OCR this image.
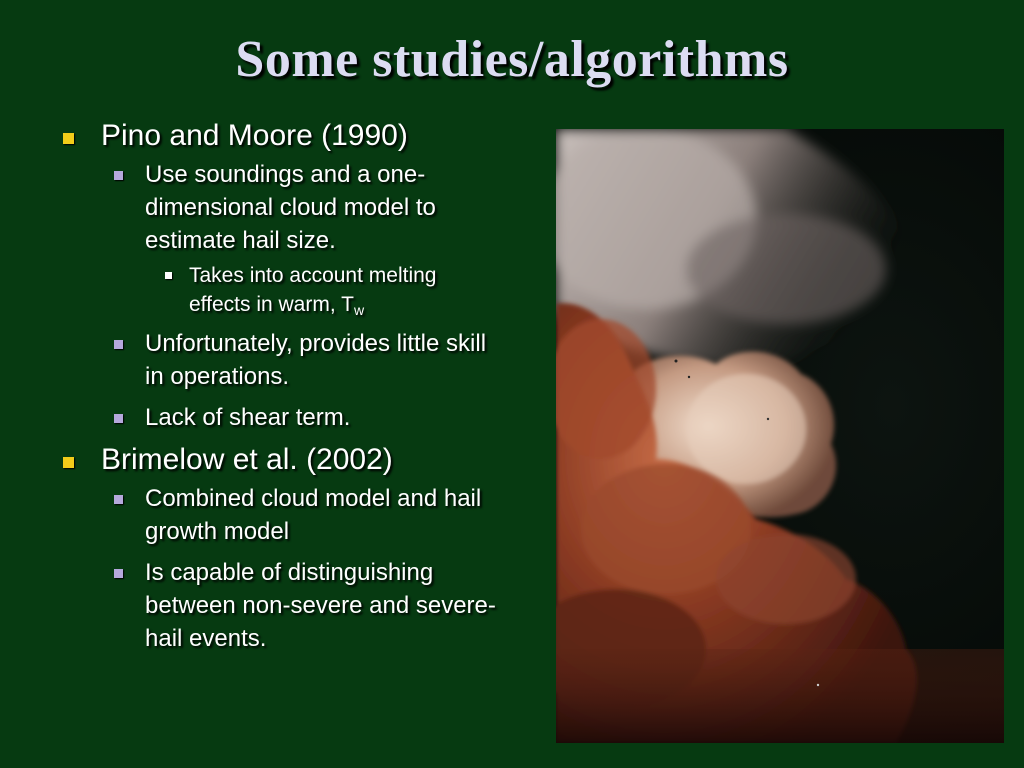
Some studies/algorithms
Pino and Moore (1990)
Use soundings and a one-dimensional cloud model to estimate hail size.
Takes into account melting effects in warm, $T_w$
Unfortunately, provides little skill in operations.
Lack of shear term.
Brimelow et al. (2002)
Combined cloud model and hail growth model
Is capable of distinguishing between non-severe and severe-hail events.
